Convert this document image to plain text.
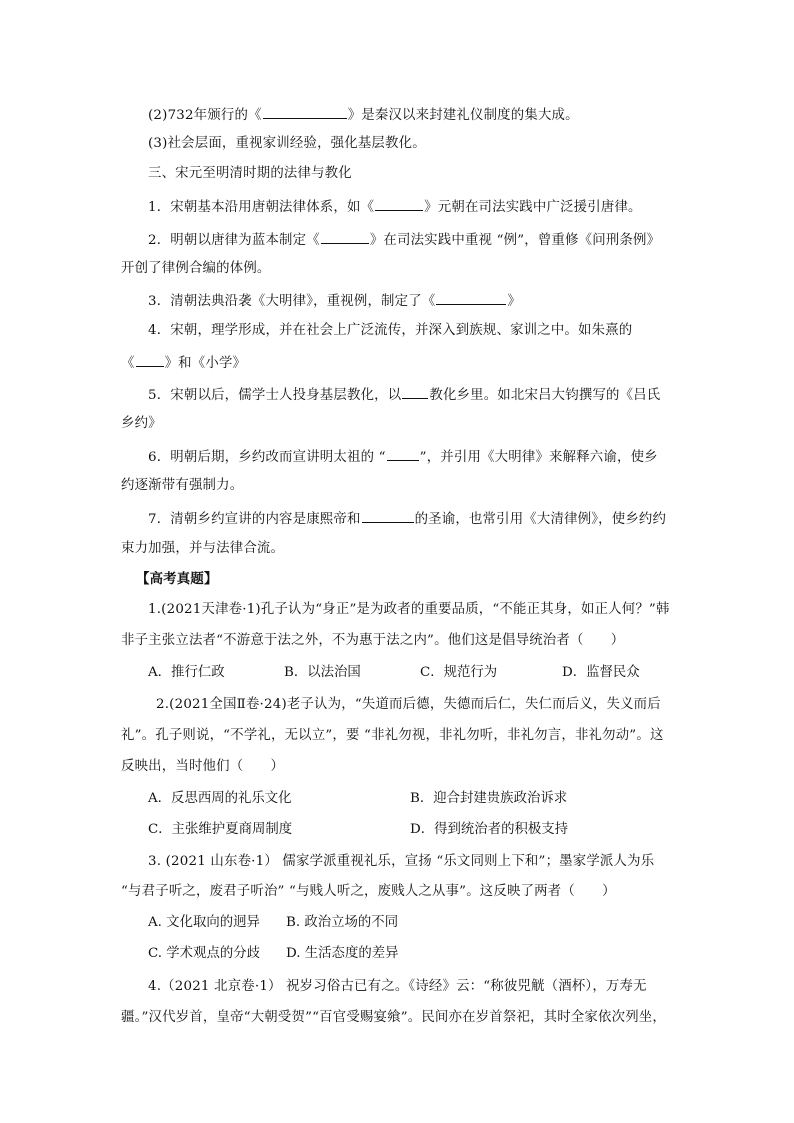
(2)732年颁行的《	》是秦汉以来封建礼仪制度的集大成。
(3)社会层面，重视家训经验，强化基层教化。
三、宋元至明清时期的法律与教化
1．宋朝基本沿用唐朝法律体系，如《	》元朝在司法实践中广泛援引唐律。
2．明朝以唐律为蓝本制定《	》在司法实践中重视 “例”，曾重修《问刑条例》
开创了律例合编的体例。
3．清朝法典沿袭《大明律》，重视例，制定了《	》
4．宋朝，理学形成，并在社会上广泛流传，并深入到族规、家训之中。如朱熹的
《 》和《小学》
5．宋朝以后，儒学士人投身基层教化，以 教化乡里。如北宋吕大钧撰写的《吕氏
乡约》
6．明朝后期，乡约改而宣讲明太祖的 “	”，并引用《大明律》来解释六谕，使乡
约逐渐带有强制力。
7．清朝乡约宣讲的内容是康熙帝和	的圣谕，也常引用《大清律例》，使乡约约
束力加强，并与法律合流。
【高考真题】
1.(2021天津卷·1)孔子认为“身正”是为政者的重要品质，“不能正其身，如正人何？”韩
非子主张立法者“不游意于法之外，不为惠于法之内”。他们这是倡导统治者（　　）
A．推行仁政	B．以法治国	C．规范行为	D．监督民众
2.(2021全国Ⅱ卷·24)老子认为，“失道而后德，失德而后仁，失仁而后义，失义而后
礼”。孔子则说，“不学礼，无以立”，要 “非礼勿视，非礼勿听，非礼勿言，非礼勿动”。这
反映出，当时他们（　　）
A．反思西周的礼乐文化	B．迎合封建贵族政治诉求
C．主张维护夏商周制度	D．得到统治者的积极支持
3. (2021 山东卷·1） 儒家学派重视礼乐，宣扬 “乐文同则上下和”；墨家学派人为乐
“与君子听之，废君子听治” “与贱人听之，废贱人之从事”。这反映了两者（　　）
A. 文化取向的迥异 B. 政治立场的不同
C. 学术观点的分歧 D. 生活态度的差异
4.（2021 北京卷·1） 祝岁习俗古已有之。《诗经》云：“称彼兕觥（酒杯），万寿无
疆。”汉代岁首，皇帝“大朝受贺”“百官受赐宴飨”。民间亦在岁首祭祀，其时全家依次列坐，
